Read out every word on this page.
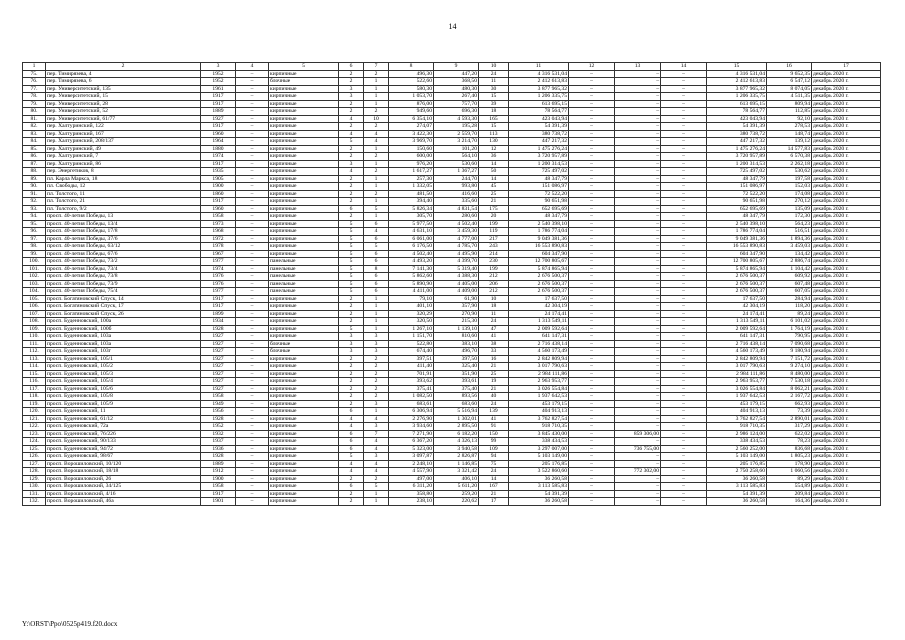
14
1	2	3	4	5	6	7	8	9	10	11	12	13	14	15	16	17
75.	пер. Тимирязева, 4	1952	–	кирпичные	2	2	496,30	447,20	24	4 316 531,04	–	–	–	4 316 531,04	9 652,35	декабрь 2020 г.
76.	пер. Тимирязева, 6	1952	–	блочные	2	1	522,60	368,50	11	2 412 613,83	–	–	–	2 412 613,83	6 547,12	декабрь 2020 г.
77.	пер. Университетский, 135	1961	–	кирпичные	3	1	580,30	480,30	30	3 877 965,32	–	–	–	3 877 965,32	8 074,05	декабрь 2020 г.
78.	пер. Университетский, 15	1917	–	кирпичные	3	1	1 053,70	267,40	15	1 206 335,75	–	–	–	1 206 335,75	4 511,35	декабрь 2020 г.
79.	пер. Университетский, 28	1917	–	кирпичные	2	1	876,00	757,70	39	613 695,15	–	–	–	613 695,15	809,94	декабрь 2020 г.
80.	пер. Университетский, 52	1889	–	кирпичные	2	2	949,60	696,30	18	78 564,77	–	–	–	78 564,77	112,85	декабрь 2020 г.
81.	пер. Университетский, 61/77	1927	–	кирпичные	4	10	6 354,10	4 593,30	165	423 043,94	–	–	–	423 043,94	92,10	декабрь 2020 г.
82.	пер. Халтуринский, 122	1917	–	кирпичные	2	2	274,07	195,28	15	54 391,39	–	–	–	54 391,39	278,53	декабрь 2020 г.
83.	пер. Халтуринский, 167	1960	–	кирпичные	4	4	3 422,30	2 559,70	113	380 738,72	–	–	–	380 738,72	148,74	декабрь 2020 г.
84.	пер. Халтуринский, 208/137	1964	–	кирпичные	5	4	3 969,70	3 214,70	130	447 217,32	–	–	–	447 217,32	139,12	декабрь 2020 г.
85.	пер. Халтуринский, 49	1880	–	кирпичные	2	1	150,60	101,20	12	1 475 276,24	–	–	–	1 475 276,24	14 577,83	декабрь 2020 г.
86.	пер. Халтуринский, 7	1974	–	кирпичные	2	2	600,00	564,10	36	3 720 957,89	–	–	–	3 720 957,89	6 570,38	декабрь 2020 г.
87.	пер. Халтуринский, 86	1917	–	кирпичные	3	1	976,20	530,60	14	1 200 314,53	–	–	–	1 200 314,53	2 262,18	декабрь 2020 г.
88.	пер. Энергетиков, 8	1935	–	кирпичные	4	2	1 617,27	1 367,27	50	725 497,02	–	–	–	725 497,02	530,62	декабрь 2020 г.
89.	пл. Карла Маркса, 18	1905	–	кирпичные	2	1	257,30	244,70	14	48 347,79	–	–	–	48 347,79	197,58	декабрь 2020 г.
90.	пл. Свободы, 12	1900	–	кирпичные	2	1	1 332,05	993,80	45	151 086,97	–	–	–	151 086,97	152,03	декабрь 2020 г.
91.	пл. Толстого, 11	1860	–	кирпичные	2	2	481,50	416,60	25	72 522,20	–	–	–	72 522,20	174,08	декабрь 2020 г.
92.	пл. Толстого, 21	1917	–	кирпичные	2	1	394,40	335,60	21	90 651,98	–	–	–	90 651,98	270,12	декабрь 2020 г.
93.	пл. Толстого, 9/2	1960	–	кирпичные	6	5	5 826,34	4 831,54	175	652 695,69	–	–	–	652 695,69	135,09	декабрь 2020 г.
94.	просп. 40-летия Победы, 13	1958	–	кирпичные	2	1	305,70	280,60	20	48 347,79	–	–	–	48 347,79	172,30	декабрь 2020 г.
95.	просп. 40-летия Победы, 13/4	1973	–	кирпичные	5	6	5 977,50	4 502,40	199	2 540 398,10	–	–	–	2 540 398,10	564,23	декабрь 2020 г.
96.	просп. 40-летия Победы, 17/8	1968	–	кирпичные	5	4	4 631,10	3 459,30	119	1 786 774,04	–	–	–	1 786 774,04	516,51	декабрь 2020 г.
97.	просп. 40-летия Победы, 37/6	1972	–	кирпичные	5	6	6 061,00	4 777,00	217	9 049 381,36	–	–	–	9 049 381,36	1 894,36	декабрь 2020 г.
98.	просп. 40-летия Победы, 63/12	1978	–	кирпичные	5	5	6 176,50	4 785,70	243	16 553 890,83	–	–	–	16 553 890,83	3 459,03	декабрь 2020 г.
99.	просп. 40-летия Победы, 67/6	1967	–	кирпичные	5	6	4 502,40	4 495,90	214	604 347,90	–	–	–	604 347,90	134,42	декабрь 2020 г.
100.	просп. 40-летия Победы, 73/2	1977	–	панельные	5	6	4 493,20	4 399,70	230	12 700 805,67	–	–	–	12 700 805,67	2 886,74	декабрь 2020 г.
101.	просп. 40-летия Победы, 73/4	1974	–	панельные	5	8	7 141,30	5 319,40	199	5 874 865,94	–	–	–	5 874 865,94	1 104,42	декабрь 2020 г.
102.	просп. 40-летия Победы, 73/8	1976	–	панельные	5	6	5 862,60	4 388,30	212	2 676 500,37	–	–	–	2 676 500,37	609,92	декабрь 2020 г.
103.	просп. 40-летия Победы, 73/9	1976	–	панельные	5	6	5 890,90	4 405,00	206	2 676 500,37	–	–	–	2 676 500,37	607,48	декабрь 2020 г.
104.	просп. 40-летия Победы, 75/4	1977	–	панельные	5	6	4 411,00	4 409,00	212	2 676 500,37	–	–	–	2 676 500,37	607,05	декабрь 2020 г.
105.	просп. Богатяновский Спуск, 14	1917	–	кирпичные	2	1	79,10	61,90	10	17 637,50	–	–	–	17 637,50	284,94	декабрь 2020 г.
106.	просп. Богатяновский Спуск, 17	1917	–	кирпичные	2	1	401,10	357,90	18	42 304,19	–	–	–	42 304,19	118,20	декабрь 2020 г.
107.	просп. Богатяновский Спуск, 26	1899	–	кирпичные	2	1	320,29	270,90	11	24 174,41	–	–	–	24 174,41	89,24	декабрь 2020 г.
108.	просп. Буденновский, 100а	1934	–	кирпичные	2	1	320,50	215,30	24	1 313 549,11	–	–	–	1 313 549,11	6 101,02	декабрь 2020 г.
109.	просп. Буденновский, 100б	1928	–	кирпичные	5	1	1 267,10	1 139,10	47	2 009 592,64	–	–	–	2 009 592,64	1 764,19	декабрь 2020 г.
110.	просп. Буденновский, 103а	1927	–	кирпичные	3	3	1 151,70	810,60	41	641 147,31	–	–	–	641 147,31	790,95	декабрь 2020 г.
111.	просп. Буденновский, 103а	1927	–	блочные	3	3	522,80	383,10	38	2 716 438,14	–	–	–	2 716 438,14	7 090,68	декабрь 2020 г.
112.	просп. Буденновский, 103г	1927	–	блочные	3	3	674,40	496,70	33	4 560 173,49	–	–	–	4 560 173,49	9 180,94	декабрь 2020 г.
113.	просп. Буденновский, 105/1	1927	–	кирпичные	2	2	397,51	397,50	16	2 842 809,94	–	–	–	2 842 809,94	7 151,72	декабрь 2020 г.
114.	просп. Буденновский, 105/2	1927	–	кирпичные	2	2	411,40	325,40	21	3 017 790,63	–	–	–	3 017 790,63	9 274,10	декабрь 2020 г.
115.	просп. Буденновский, 105/3	1927	–	кирпичные	2	2	701,91	351,90	25	2 984 111,86	–	–	–	2 984 111,86	8 480,00	декабрь 2020 г.
116.	просп. Буденновский, 105/4	1927	–	кирпичные	2	2	393,62	393,61	19	2 963 953,77	–	–	–	2 963 953,77	7 530,18	декабрь 2020 г.
117.	просп. Буденновский, 105/6	1927	–	кирпичные	2	2	375,41	375,40	21	3 026 554,84	–	–	–	3 026 554,84	8 062,21	декабрь 2020 г.
118.	просп. Буденновский, 105/8	1958	–	кирпичные	2	2	1 082,50	893,56	40	1 937 642,53	–	–	–	1 937 642,53	2 167,72	декабрь 2020 г.
119.	просп. Буденновский, 105/9	1949	–	кирпичные	2	3	683,61	683,60	24	453 179,15	–	–	–	453 179,15	662,93	декабрь 2020 г.
120.	просп. Буденновский, 11	1956	–	кирпичные	6	1	6 306,94	5 516,94	139	404 913,13	–	–	–	404 913,13	73,39	декабрь 2020 г.
121.	просп. Буденновский, 61/12	1928	–	кирпичные	4	4	2 276,90	1 302,01	41	3 762 827,54	–	–	–	3 762 827,54	2 890,01	декабрь 2020 г.
122.	просп. Буденновский, 72а	1952	–	кирпичные	4	3	3 934,60	2 895,50	91	918 710,35	–	–	–	918 710,35	317,29	декабрь 2020 г.
123.	просп. Буденновский, 76/226	1932	–	кирпичные	6	7	7 271,90	6 182,20	150	3 845 430,00	–	859 306,00	–	2 986 124,00	622,02	декабрь 2020 г.
124.	просп. Буденновский, 90/133	1937	–	кирпичные	6	4	6 367,20	4 326,13	99	338 434,53	–	–	–	338 434,53	78,23	декабрь 2020 г.
125.	просп. Буденновский, 94/72	1936	–	кирпичные	6	4	5 323,00	3 940,58	109	3 297 007,00	–	736 755,00	–	2 560 252,00	836,68	декабрь 2020 г.
126.	просп. Буденновский, 98/67	1928	–	кирпичные	5	3	3 097,87	2 826,87	94	5 103 149,00	–	–	–	5 103 149,00	1 805,23	декабрь 2020 г.
127.	просп. Ворошиловский, 10/120	1889	–	кирпичные	4	4	2 248,10	1 146,85	75	205 176,85	–	–	–	205 176,85	178,90	декабрь 2020 г.
128.	просп. Ворошиловский, 18/18	1912	–	кирпичные	4	4	4 557,90	3 321,42	24	3 522 860,60	–	772 302,00	–	2 750 258,60	1 060,56	декабрь 2020 г.
129.	просп. Ворошиловский, 26	1900	–	кирпичные	2	2	497,00	406,10	14	36 260,58	–	–	–	36 260,58	89,29	декабрь 2020 г.
130.	просп. Ворошиловский, 34/125	1958	–	кирпичные	6	5	6 311,20	5 611,20	167	3 113 585,83	–	–	–	3 113 585,83	554,89	декабрь 2020 г.
131.	просп. Ворошиловский, 4/16	1917	–	кирпичные	2	1	358,80	259,20	21	54 391,39	–	–	–	54 391,39	209,84	декабрь 2020 г.
132.	просп. Ворошиловский, 46а	1901	–	кирпичные	2	1	238,10	220,62	17	36 260,58	–	–	–	36 260,58	164,36	декабрь 2020 г.
Y:\ORST\Ppo\0525p419.f20.docx
